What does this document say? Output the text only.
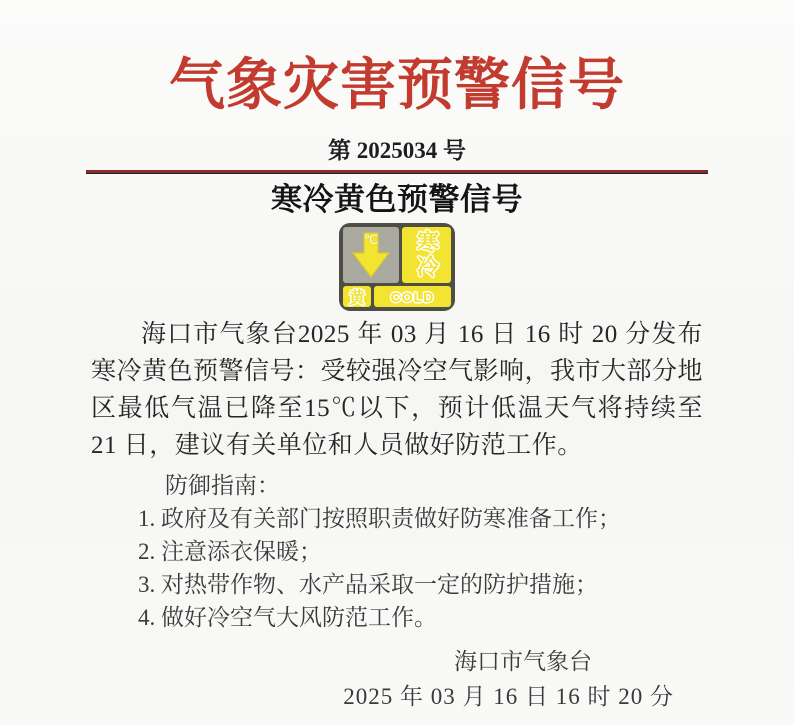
气象灾害预警信号
第 2025034 号
寒冷黄色预警信号
℃ 寒冷
黄 COLD

海口市气象台2025 年 03 月 16 日 16 时 20 分发布寒冷黄色预警信号：受较强冷空气影响，我市大部分地区最低气温已降至15℃以下，预计低温天气将持续至21 日，建议有关单位和人员做好防范工作。

防御指南：
1. 政府及有关部门按照职责做好防寒准备工作；
2. 注意添衣保暖；
3. 对热带作物、水产品采取一定的防护措施；
4. 做好冷空气大风防范工作。
海口市气象台
2025 年 03 月 16 日 16 时 20 分
